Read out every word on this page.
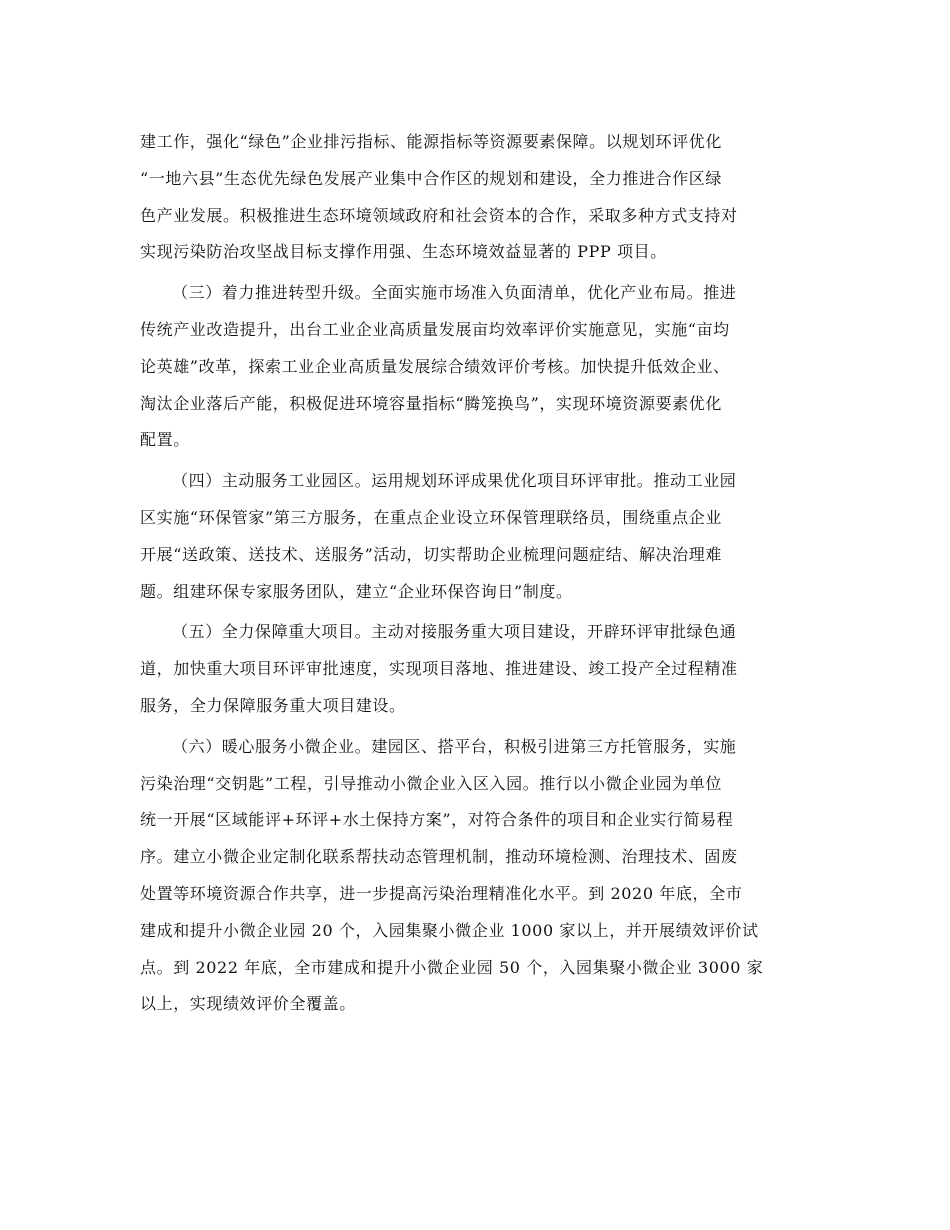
建工作，强化“绿色”企业排污指标、能源指标等资源要素保障。以规划环评优化
“一地六县”生态优先绿色发展产业集中合作区的规划和建设，全力推进合作区绿
色产业发展。积极推进生态环境领域政府和社会资本的合作，采取多种方式支持对
实现污染防治攻坚战目标支撑作用强、生态环境效益显著的 PPP 项目。
（三）着力推进转型升级。全面实施市场准入负面清单，优化产业布局。推进
传统产业改造提升，出台工业企业高质量发展亩均效率评价实施意见，实施“亩均
论英雄”改革，探索工业企业高质量发展综合绩效评价考核。加快提升低效企业、
淘汰企业落后产能，积极促进环境容量指标“腾笼换鸟”，实现环境资源要素优化
配置。
（四）主动服务工业园区。运用规划环评成果优化项目环评审批。推动工业园
区实施“环保管家”第三方服务，在重点企业设立环保管理联络员，围绕重点企业
开展“送政策、送技术、送服务”活动，切实帮助企业梳理问题症结、解决治理难
题。组建环保专家服务团队，建立“企业环保咨询日”制度。
（五）全力保障重大项目。主动对接服务重大项目建设，开辟环评审批绿色通
道，加快重大项目环评审批速度，实现项目落地、推进建设、竣工投产全过程精准
服务，全力保障服务重大项目建设。
（六）暖心服务小微企业。建园区、搭平台，积极引进第三方托管服务，实施
污染治理“交钥匙”工程，引导推动小微企业入区入园。推行以小微企业园为单位
统一开展“区域能评+环评+水土保持方案”，对符合条件的项目和企业实行简易程
序。建立小微企业定制化联系帮扶动态管理机制，推动环境检测、治理技术、固废
处置等环境资源合作共享，进一步提高污染治理精准化水平。到 2020 年底，全市
建成和提升小微企业园 20 个，入园集聚小微企业 1000 家以上，并开展绩效评价试
点。到 2022 年底，全市建成和提升小微企业园 50 个，入园集聚小微企业 3000 家
以上，实现绩效评价全覆盖。
